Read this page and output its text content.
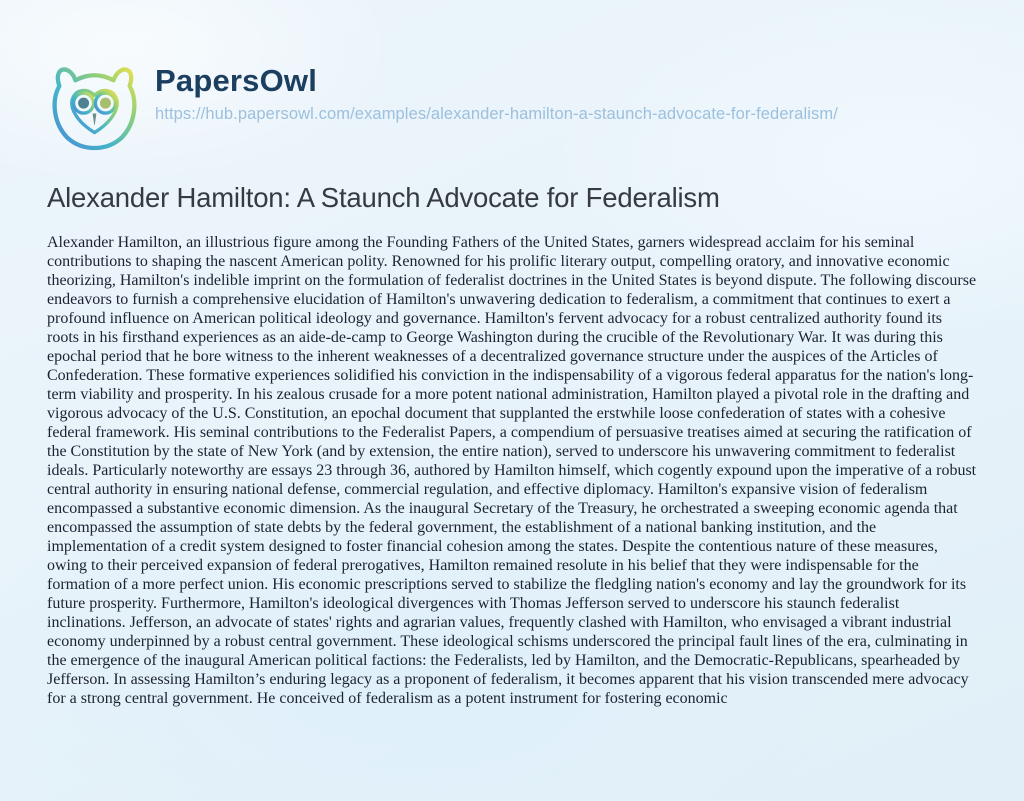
PapersOwl
https://hub.papersowl.com/examples/alexander-hamilton-a-staunch-advocate-for-federalism/
Alexander Hamilton: A Staunch Advocate for Federalism

Alexander Hamilton, an illustrious figure among the Founding Fathers of the United States, garners widespread acclaim for his seminal contributions to shaping the nascent American polity. Renowned for his prolific literary output, compelling oratory, and innovative economic theorizing, Hamilton's indelible imprint on the formulation of federalist doctrines in the United States is beyond dispute. The following discourse endeavors to furnish a comprehensive elucidation of Hamilton's unwavering dedication to federalism, a commitment that continues to exert a profound influence on American political ideology and governance. Hamilton's fervent advocacy for a robust centralized authority found its roots in his firsthand experiences as an aide-de-camp to George Washington during the crucible of the Revolutionary War. It was during this epochal period that he bore witness to the inherent weaknesses of a decentralized governance structure under the auspices of the Articles of Confederation. These formative experiences solidified his conviction in the indispensability of a vigorous federal apparatus for the nation's long-term viability and prosperity. In his zealous crusade for a more potent national administration, Hamilton played a pivotal role in the drafting and vigorous advocacy of the U.S. Constitution, an epochal document that supplanted the erstwhile loose confederation of states with a cohesive federal framework. His seminal contributions to the Federalist Papers, a compendium of persuasive treatises aimed at securing the ratification of the Constitution by the state of New York (and by extension, the entire nation), served to underscore his unwavering commitment to federalist ideals. Particularly noteworthy are essays 23 through 36, authored by Hamilton himself, which cogently expound upon the imperative of a robust central authority in ensuring national defense, commercial regulation, and effective diplomacy. Hamilton's expansive vision of federalism encompassed a substantive economic dimension. As the inaugural Secretary of the Treasury, he orchestrated a sweeping economic agenda that encompassed the assumption of state debts by the federal government, the establishment of a national banking institution, and the implementation of a credit system designed to foster financial cohesion among the states. Despite the contentious nature of these measures, owing to their perceived expansion of federal prerogatives, Hamilton remained resolute in his belief that they were indispensable for the formation of a more perfect union. His economic prescriptions served to stabilize the fledgling nation's economy and lay the groundwork for its future prosperity. Furthermore, Hamilton's ideological divergences with Thomas Jefferson served to underscore his staunch federalist inclinations. Jefferson, an advocate of states' rights and agrarian values, frequently clashed with Hamilton, who envisaged a vibrant industrial economy underpinned by a robust central government. These ideological schisms underscored the principal fault lines of the era, culminating in the emergence of the inaugural American political factions: the Federalists, led by Hamilton, and the Democratic-Republicans, spearheaded by Jefferson. In assessing Hamilton’s enduring legacy as a proponent of federalism, it becomes apparent that his vision transcended mere advocacy for a strong central government. He conceived of federalism as a potent instrument for fostering economic
